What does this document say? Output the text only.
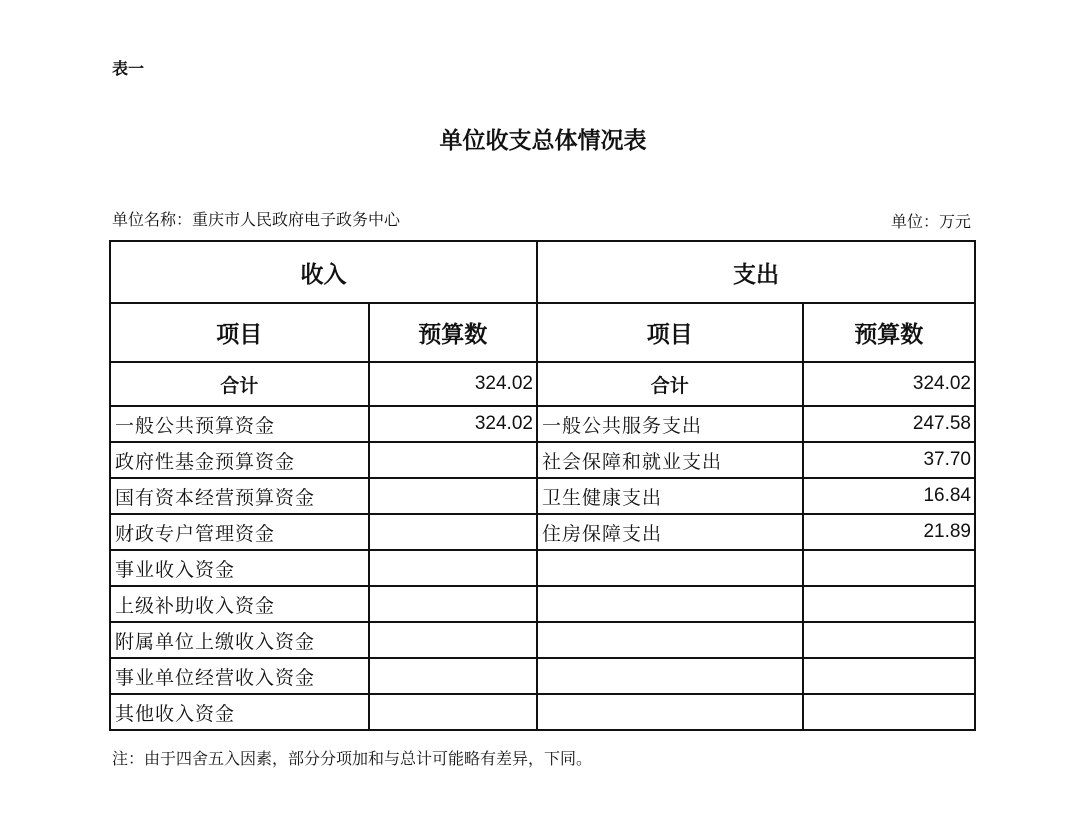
表一
单位收支总体情况表
单位名称：重庆市人民政府电子政务中心	单位：万元
收入		支出	
项目	预算数	项目	预算数
合计	324.02	合计	324.02
一般公共预算资金	324.02	一般公共服务支出	247.58
政府性基金预算资金		社会保障和就业支出	37.70
国有资本经营预算资金		卫生健康支出	16.84
财政专户管理资金		住房保障支出	21.89
事业收入资金			
上级补助收入资金			
附属单位上缴收入资金			
事业单位经营收入资金			
其他收入资金			
注：由于四舍五入因素，部分分项加和与总计可能略有差异，下同。
